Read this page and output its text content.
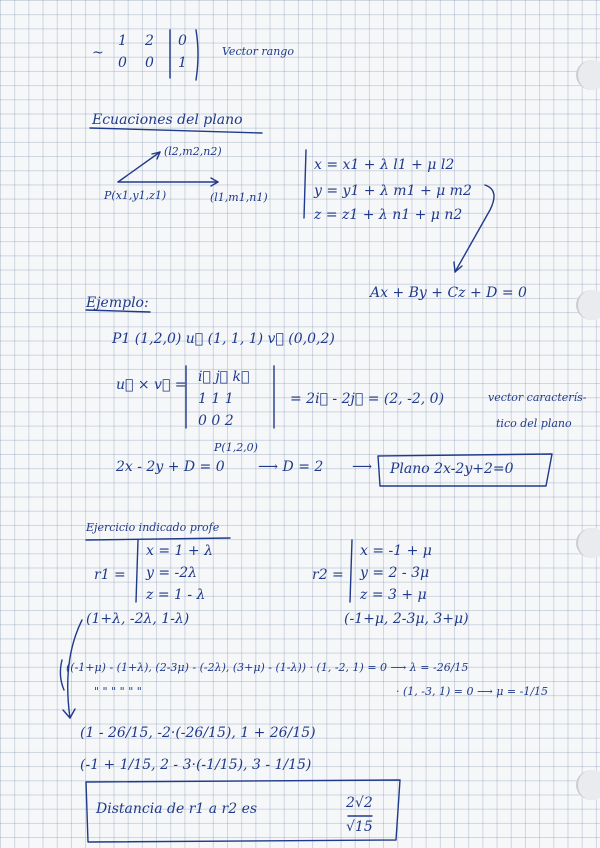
~
1 2 0
0 0 1
Vector rango
Ecuaciones del plano
(l2,m2,n2)
P(x1,y1,z1)	(l1,m1,n1)
x = x1 + λ l1 + μ l2
y = y1 + λ m1 + μ m2
z = z1 + λ n1 + μ n2
Ax + By + Cz + D = 0
Ejemplo:
P1 (1,2,0) u⃗ (1, 1, 1) v⃗ (0,0,2)
u⃗ × v⃗ = i⃗ j⃗ k⃗
1 1 1
0 0 2
= 2i⃗ - 2j⃗ = (2, -2, 0)	vector caracterís-
tico del plano
P(1,2,0)
2x - 2y + D = 0 ⟶ D = 2 ⟶ Plano 2x-2y+2=0
Ejercicio indicado profe
r1 =
x = 1 + λ
y = -2λ
z = 1 - λ
r2 =
x = -1 + μ
y = 2 - 3μ
z = 3 + μ
(1+λ, -2λ, 1-λ)	(-1+μ, 2-3μ, 3+μ)
((-1+μ) - (1+λ), (2-3μ) - (-2λ), (3+μ) - (1-λ)) · (1, -2, 1) = 0 ⟶ λ = -26/15
" " " " " "	· (1, -3, 1) = 0 ⟶ μ = -1/15
(1 - 26/15, -2·(-26/15), 1 + 26/15)
(-1 + 1/15, 2 - 3·(-1/15), 3 - 1/15)
Distancia de r1 a r2 es	2√2
√15
